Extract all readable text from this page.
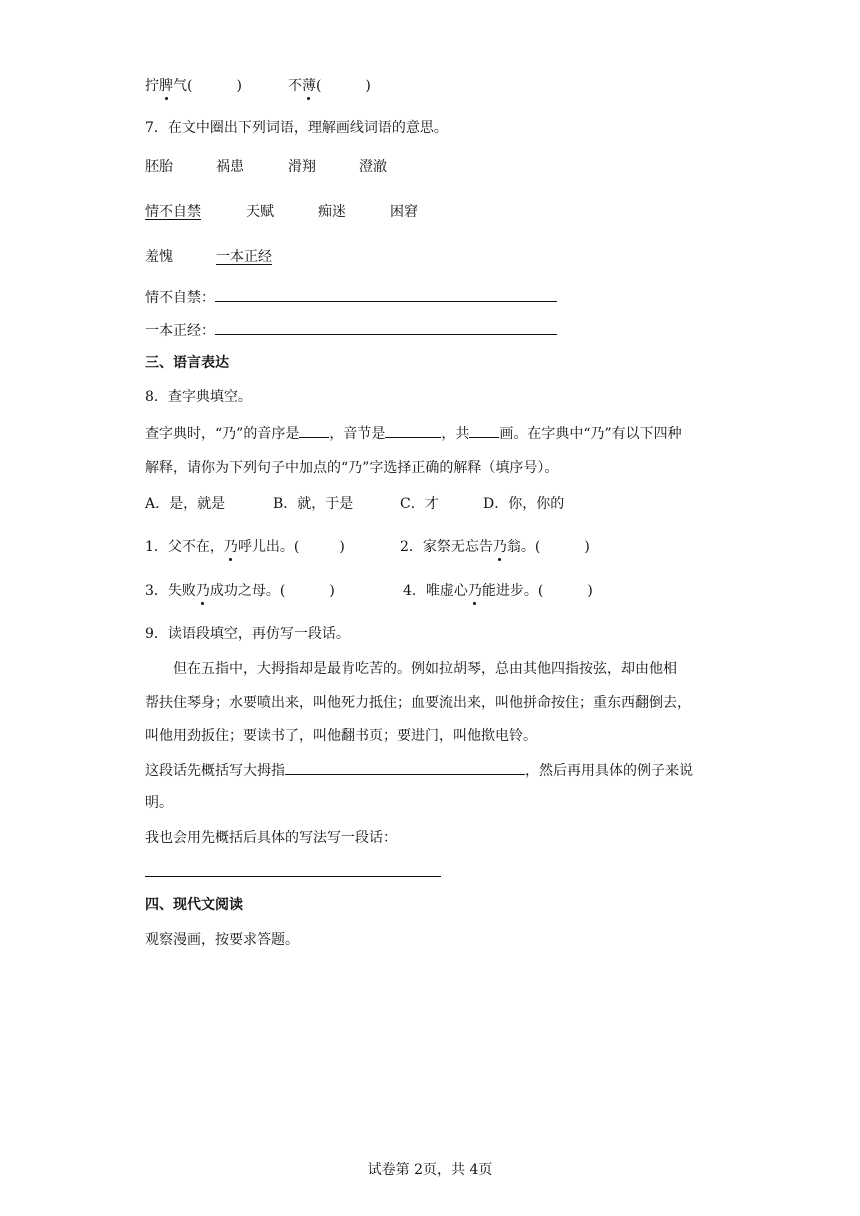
拧脾气(	)	不薄(	)
7．在文中圈出下列词语，理解画线词语的意思。
胚胎	祸患	滑翔	澄澈
情不自禁	天赋	痴迷	困窘
羞愧	一本正经
情不自禁：
一本正经：
三、语言表达
8．查字典填空。
查字典时，“乃”的音序是 ，音节是	，共 画。在字典中“乃”有以下四种
解释，请你为下列句子中加点的“乃”字选择正确的解释（填序号）。
A．是，就是	B．就，于是	C．才	D．你，你的
1．父不在，乃呼儿出。(	)	2．家祭无忘告乃翁。(	)
3．失败乃成功之母。(	)	4．唯虚心乃能进步。(	)
9．读语段填空，再仿写一段话。
但在五指中，大拇指却是最肯吃苦的。例如拉胡琴，总由其他四指按弦，却由他相
帮扶住琴身；水要喷出来，叫他死力抵住；血要流出来，叫他拼命按住；重东西翻倒去，
叫他用劲扳住；要读书了，叫他翻书页；要进门，叫他揿电铃。
这段话先概括写大拇指	，然后再用具体的例子来说
明。
我也会用先概括后具体的写法写一段话：
四、现代文阅读
观察漫画，按要求答题。
试卷第 2页，共 4页
